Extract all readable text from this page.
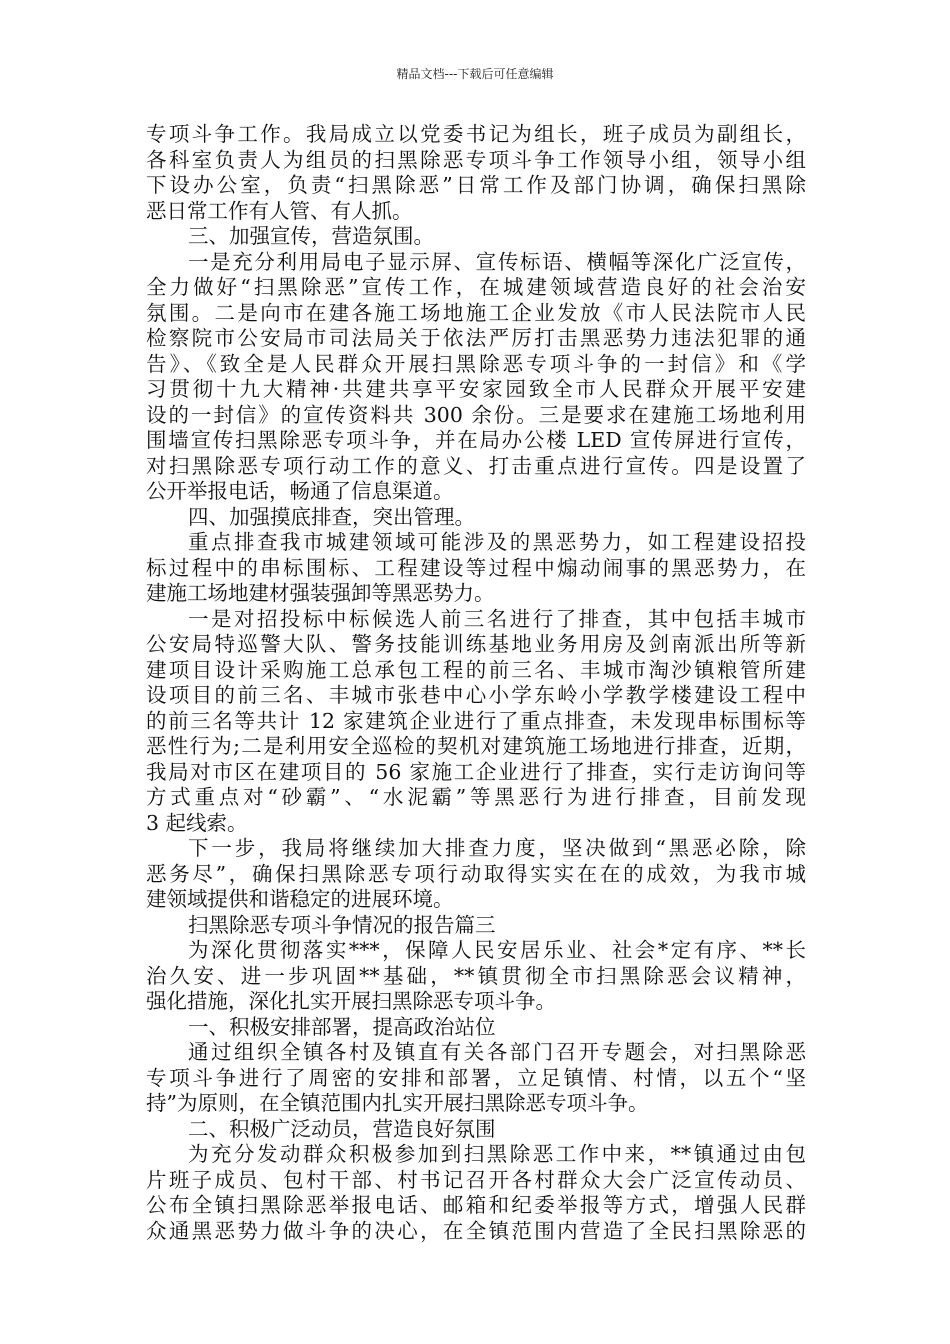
精品文档---下载后可任意编辑
专项斗争工作。我局成立以党委书记为组长，班子成员为副组长，
各科室负责人为组员的扫黑除恶专项斗争工作领导小组，领导小组
下设办公室，负责“扫黑除恶”日常工作及部门协调，确保扫黑除
恶日常工作有人管、有人抓。
三、加强宣传，营造氛围。
一是充分利用局电子显示屏、宣传标语、横幅等深化广泛宣传，
全力做好“扫黑除恶”宣传工作，在城建领域营造良好的社会治安
氛围。二是向市在建各施工场地施工企业发放《市人民法院市人民
检察院市公安局市司法局关于依法严厉打击黑恶势力违法犯罪的通
告》、《致全是人民群众开展扫黑除恶专项斗争的一封信》和《学
习贯彻十九大精神·共建共享平安家园致全市人民群众开展平安建
设的一封信》的宣传资料共 300 余份。三是要求在建施工场地利用
围墙宣传扫黑除恶专项斗争，并在局办公楼 LED 宣传屏进行宣传，
对扫黑除恶专项行动工作的意义、打击重点进行宣传。四是设置了
公开举报电话，畅通了信息渠道。
四、加强摸底排查，突出管理。
重点排查我市城建领域可能涉及的黑恶势力，如工程建设招投
标过程中的串标围标、工程建设等过程中煽动闹事的黑恶势力，在
建施工场地建材强装强卸等黑恶势力。
一是对招投标中标候选人前三名进行了排查，其中包括丰城市
公安局特巡警大队、警务技能训练基地业务用房及剑南派出所等新
建项目设计采购施工总承包工程的前三名、丰城市淘沙镇粮管所建
设项目的前三名、丰城市张巷中心小学东岭小学教学楼建设工程中
的前三名等共计 12 家建筑企业进行了重点排查，未发现串标围标等
恶性行为;二是利用安全巡检的契机对建筑施工场地进行排查，近期，
我局对市区在建项目的 56 家施工企业进行了排查，实行走访询问等
方式重点对“砂霸”、“水泥霸”等黑恶行为进行排查，目前发现
3 起线索。
下一步，我局将继续加大排查力度，坚决做到“黑恶必除，除
恶务尽”，确保扫黑除恶专项行动取得实实在在的成效，为我市城
建领域提供和谐稳定的进展环境。
扫黑除恶专项斗争情况的报告篇三
为深化贯彻落实***，保障人民安居乐业、社会*定有序、**长
治久安、进一步巩固**基础，**镇贯彻全市扫黑除恶会议精神，
强化措施，深化扎实开展扫黑除恶专项斗争。
一、积极安排部署，提高政治站位
通过组织全镇各村及镇直有关各部门召开专题会，对扫黑除恶
专项斗争进行了周密的安排和部署，立足镇情、村情，以五个“坚
持”为原则，在全镇范围内扎实开展扫黑除恶专项斗争。
二、积极广泛动员，营造良好氛围
为充分发动群众积极参加到扫黑除恶工作中来，**镇通过由包
片班子成员、包村干部、村书记召开各村群众大会广泛宣传动员、
公布全镇扫黑除恶举报电话、邮箱和纪委举报等方式，增强人民群
众通黑恶势力做斗争的决心，在全镇范围内营造了全民扫黑除恶的
